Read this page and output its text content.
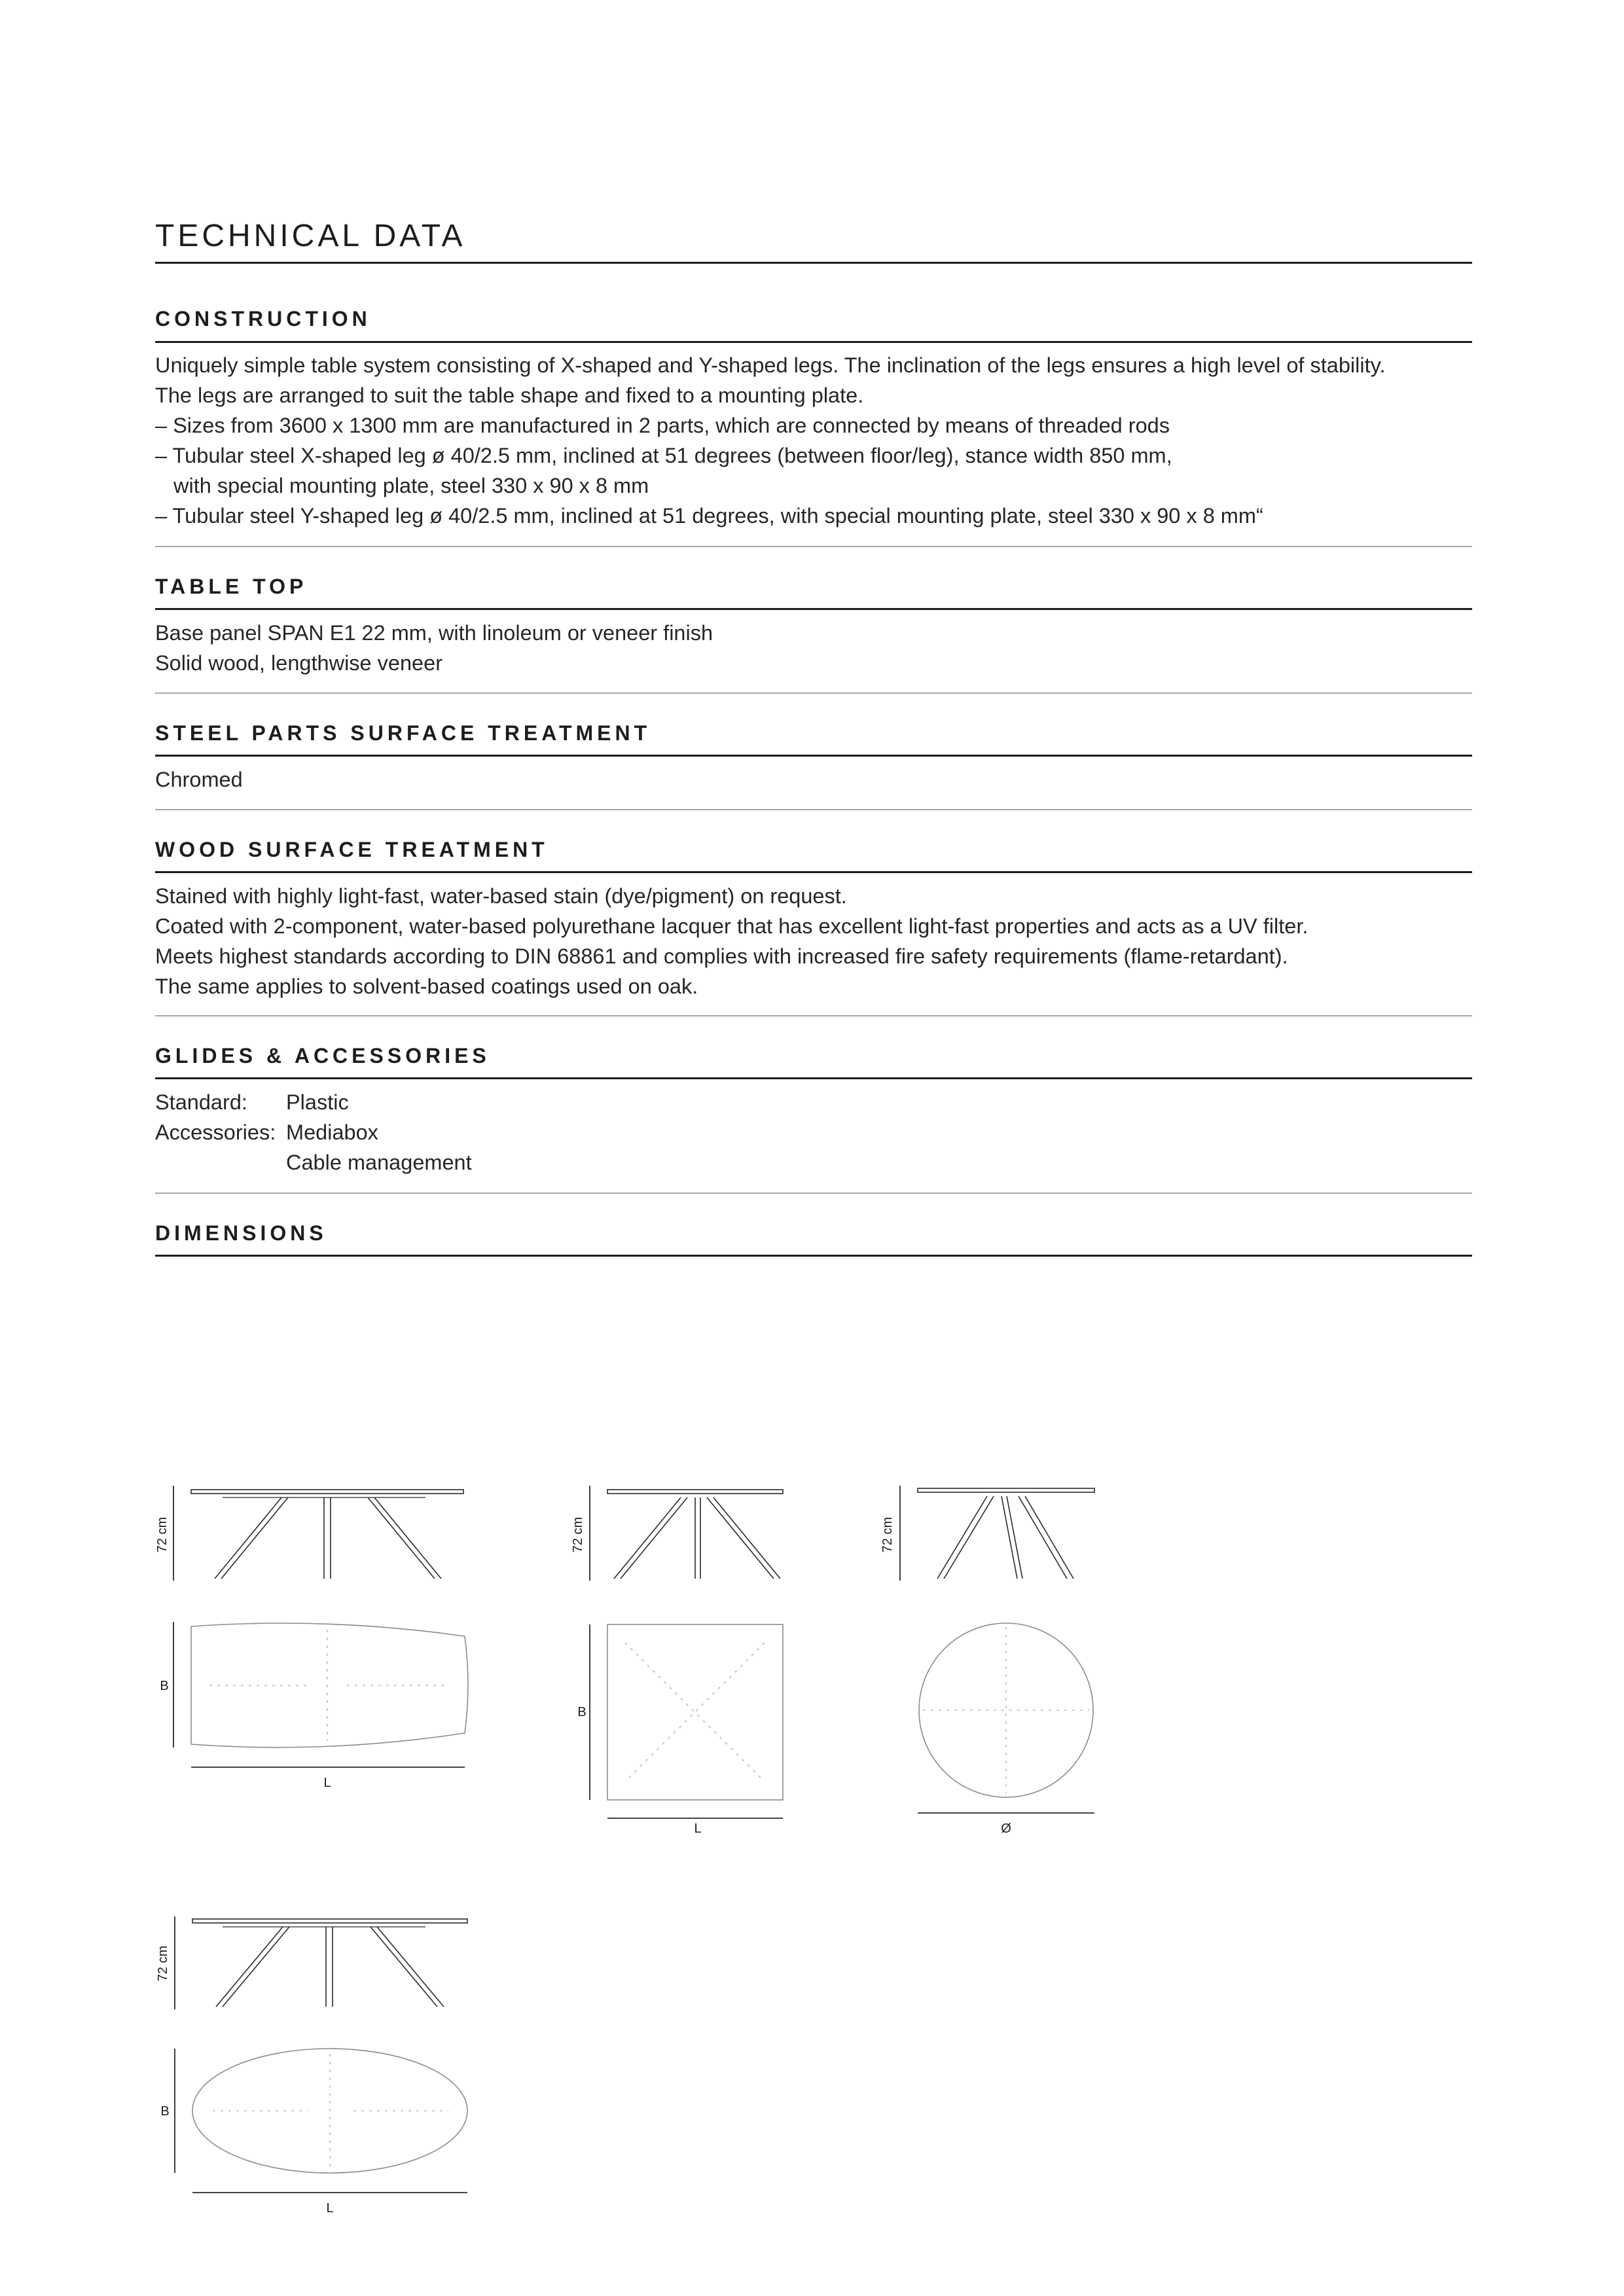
TECHNICAL DATA
CONSTRUCTION
Uniquely simple table system consisting of X-shaped and Y-shaped legs. The inclination of the legs ensures a high level of stability.
The legs are arranged to suit the table shape and fixed to a mounting plate.
– Sizes from 3600 x 1300 mm are manufactured in 2 parts, which are connected by means of threaded rods
– Tubular steel X-shaped leg ø 40/2.5 mm, inclined at 51 degrees (between floor/leg), stance width 850 mm,
with special mounting plate, steel 330 x 90 x 8 mm
– Tubular steel Y-shaped leg ø 40/2.5 mm, inclined at 51 degrees, with special mounting plate, steel 330 x 90 x 8 mm“
TABLE TOP
Base panel SPAN E1 22 mm, with linoleum or veneer finish
Solid wood, lengthwise veneer
STEEL PARTS SURFACE TREATMENT
Chromed
WOOD SURFACE TREATMENT
Stained with highly light-fast, water-based stain (dye/pigment) on request.
Coated with 2-component, water-based polyurethane lacquer that has excellent light-fast properties and acts as a UV filter.
Meets highest standards according to DIN 68861 and complies with increased fire safety requirements (flame-retardant).
The same applies to solvent-based coatings used on oak.
GLIDES & ACCESSORIES
Standard: Plastic
Accessories: Mediabox
Cable management
DIMENSIONS
72 cm
B
L
72 cm
B
L
72 cm
Ø
72 cm
B
L
